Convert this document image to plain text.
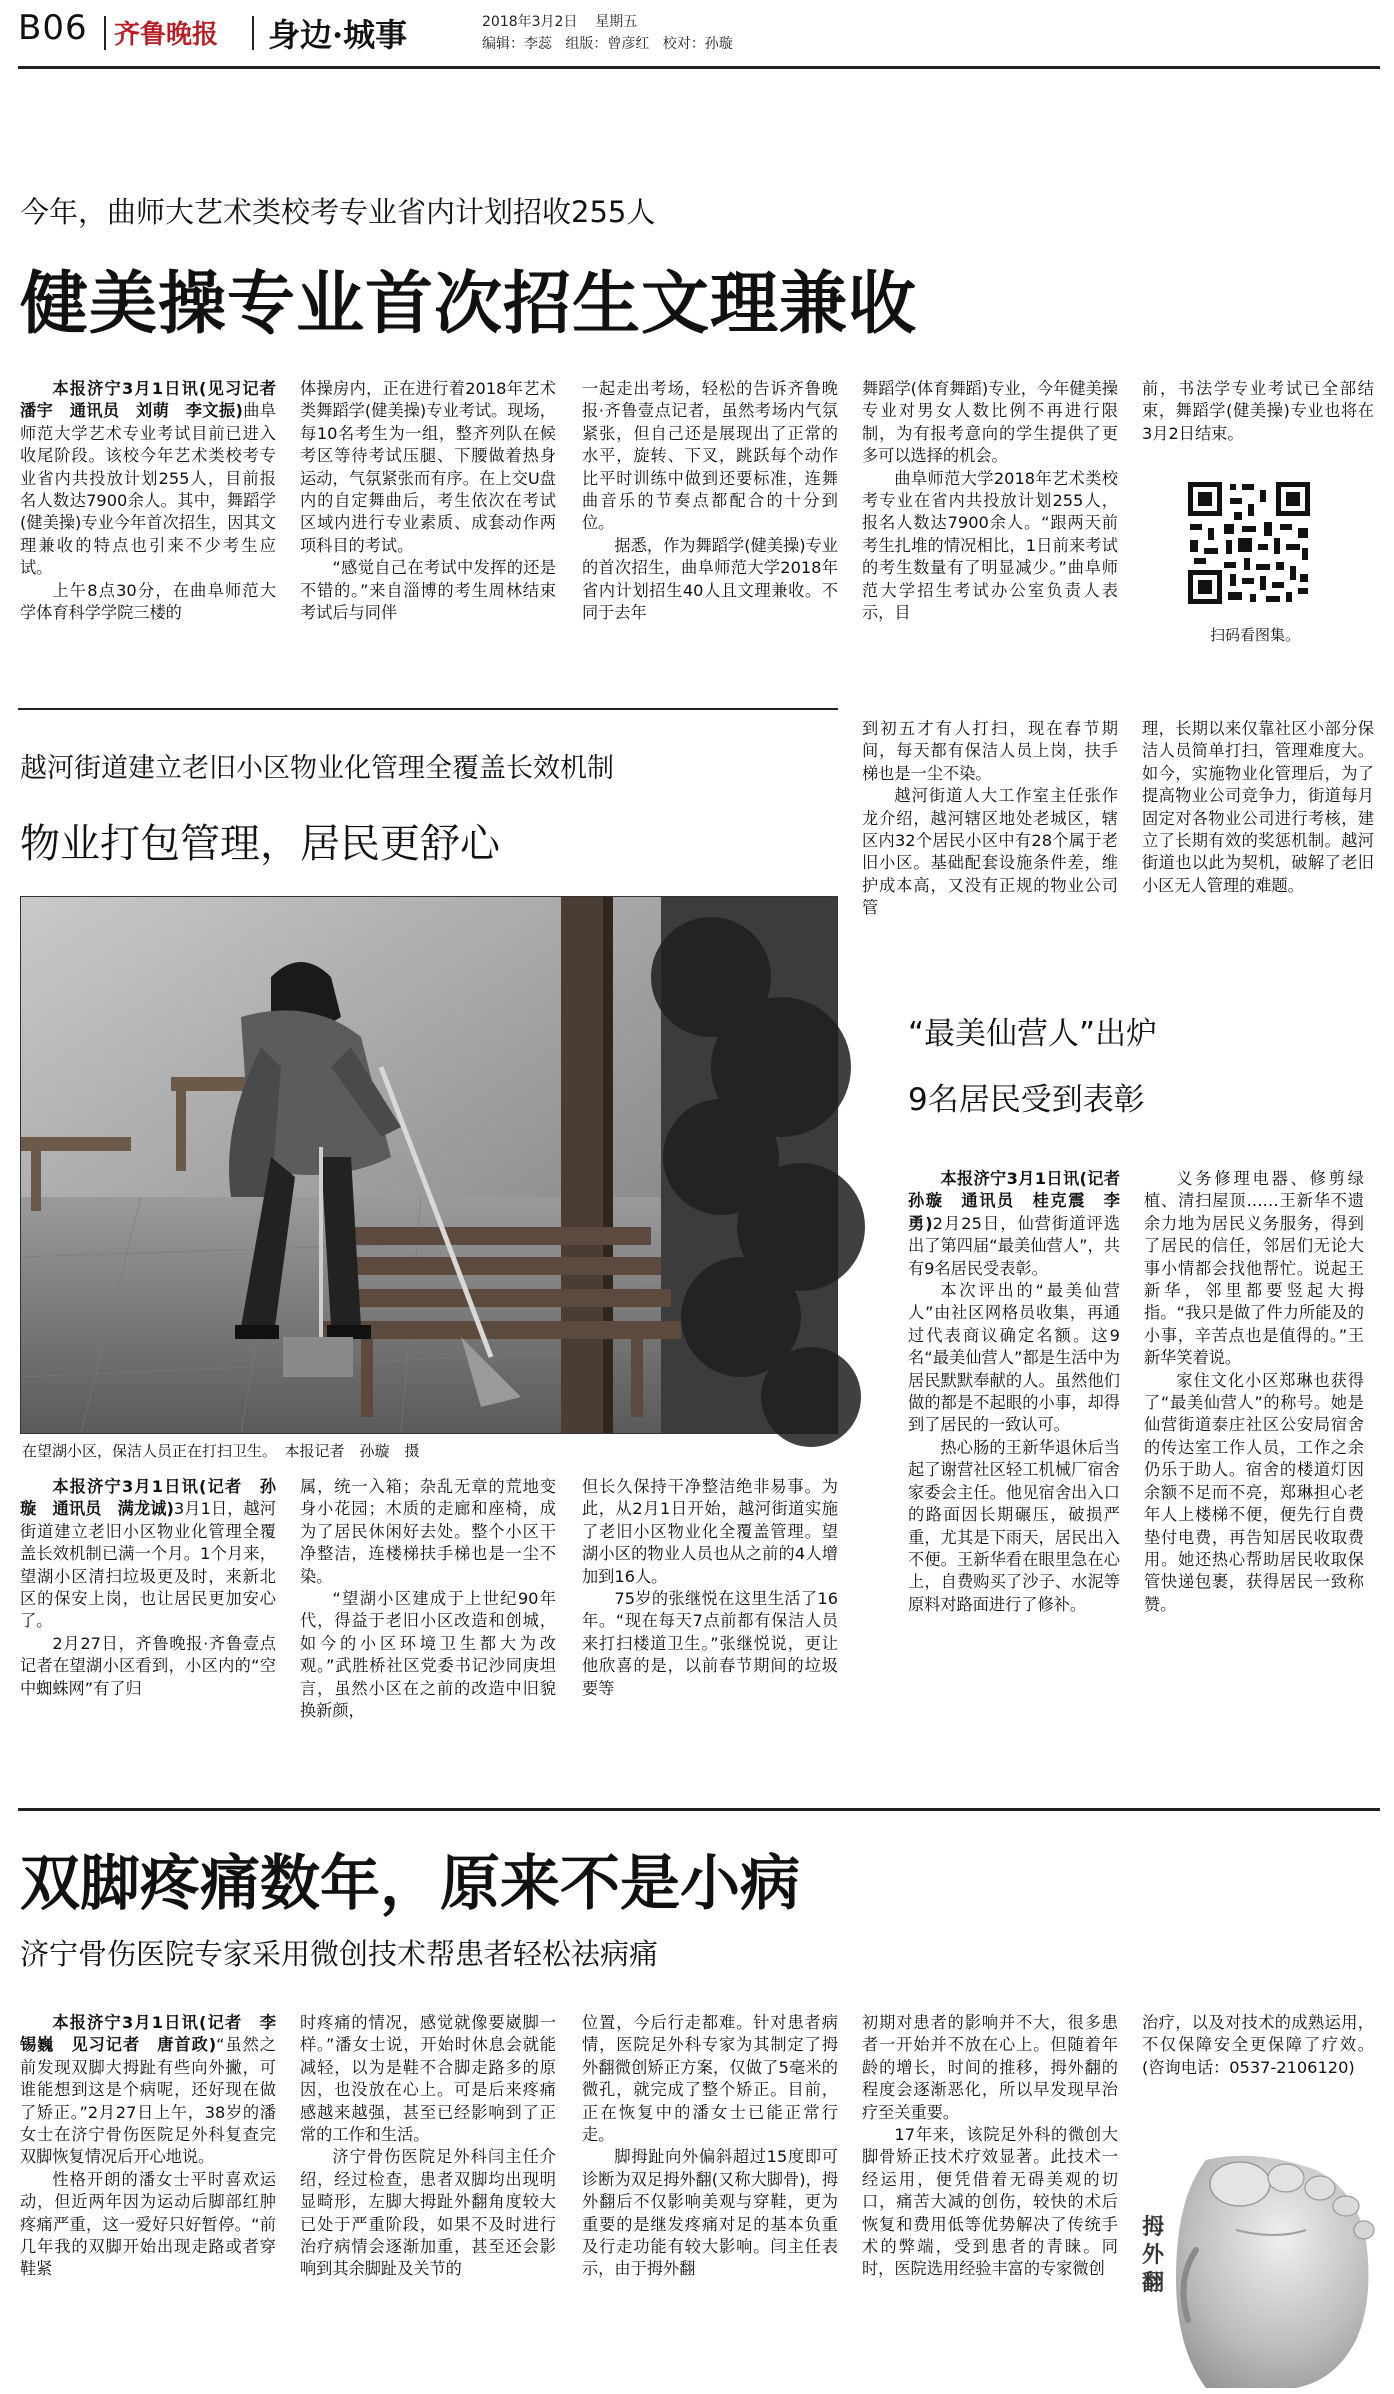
B06 齐鲁晚报 身边·城事	2018年3月2日 星期五
编辑：李蕊 组版：曾彦红 校对：孙璇
今年，曲师大艺术类校考专业省内计划招收255人
健美操专业首次招生文理兼收

本报济宁3月1日讯(见习记者　潘宇　通讯员　刘萌　李文振)曲阜师范大学艺术专业考试目前已进入收尾阶段。该校今年艺术类校考专业省内共投放计划255人，目前报名人数达7900余人。其中，舞蹈学(健美操)专业今年首次招生，因其文理兼收的特点也引来不少考生应试。

上午8点30分，在曲阜师范大学体育科学学院三楼的

体操房内，正在进行着2018年艺术类舞蹈学(健美操)专业考试。现场，每10名考生为一组，整齐列队在候考区等待考试压腿、下腰做着热身运动，气氛紧张而有序。在上交U盘内的自定舞曲后，考生依次在考试区域内进行专业素质、成套动作两项科目的考试。

“感觉自己在考试中发挥的还是不错的。”来自淄博的考生周林结束考试后与同伴

一起走出考场，轻松的告诉齐鲁晚报·齐鲁壹点记者，虽然考场内气氛紧张，但自己还是展现出了正常的水平，旋转、下叉，跳跃每个动作比平时训练中做到还要标准，连舞曲音乐的节奏点都配合的十分到位。

据悉，作为舞蹈学(健美操)专业的首次招生，曲阜师范大学2018年省内计划招生40人且文理兼收。不同于去年

舞蹈学(体育舞蹈)专业，今年健美操专业对男女人数比例不再进行限制，为有报考意向的学生提供了更多可以选择的机会。

曲阜师范大学2018年艺术类校考专业在省内共投放计划255人，报名人数达7900余人。“跟两天前考生扎堆的情况相比，1日前来考试的考生数量有了明显减少。”曲阜师范大学招生考试办公室负责人表示，目

前，书法学专业考试已全部结束，舞蹈学(健美操)专业也将在3月2日结束。

扫码看图集。
越河街道建立老旧小区物业化管理全覆盖长效机制
物业打包管理，居民更舒心
在望湖小区，保洁人员正在打扫卫生。　本报记者　孙璇　摄

到初五才有人打扫，现在春节期间，每天都有保洁人员上岗，扶手梯也是一尘不染。

越河街道人大工作室主任张作龙介绍，越河辖区地处老城区，辖区内32个居民小区中有28个属于老旧小区。基础配套设施条件差，维护成本高，又没有正规的物业公司管

理，长期以来仅靠社区小部分保洁人员简单打扫，管理难度大。如今，实施物业化管理后，为了提高物业公司竞争力，街道每月固定对各物业公司进行考核，建立了长期有效的奖惩机制。越河街道也以此为契机，破解了老旧小区无人管理的难题。

本报济宁3月1日讯(记者　孙璇　通讯员　满龙诚)3月1日，越河街道建立老旧小区物业化管理全覆盖长效机制已满一个月。1个月来，望湖小区清扫垃圾更及时，来新北区的保安上岗，也让居民更加安心了。

2月27日，齐鲁晚报·齐鲁壹点记者在望湖小区看到，小区内的“空中蜘蛛网”有了归

属，统一入箱；杂乱无章的荒地变身小花园；木质的走廊和座椅，成为了居民休闲好去处。整个小区干净整洁，连楼梯扶手梯也是一尘不染。

“望湖小区建成于上世纪90年代，得益于老旧小区改造和创城，如今的小区环境卫生都大为改观。”武胜桥社区党委书记沙同庚坦言，虽然小区在之前的改造中旧貌换新颜，

但长久保持干净整洁绝非易事。为此，从2月1日开始，越河街道实施了老旧小区物业化全覆盖管理。望湖小区的物业人员也从之前的4人增加到16人。

75岁的张继悦在这里生活了16年。“现在每天7点前都有保洁人员来打扫楼道卫生。”张继悦说，更让他欣喜的是，以前春节期间的垃圾要等

“最美仙营人”出炉
9名居民受到表彰

本报济宁3月1日讯(记者　孙璇　通讯员　桂克震　李勇)2月25日，仙营街道评选出了第四届“最美仙营人”，共有9名居民受表彰。

本次评出的“最美仙营人”由社区网格员收集，再通过代表商议确定名额。这9名“最美仙营人”都是生活中为居民默默奉献的人。虽然他们做的都是不起眼的小事，却得到了居民的一致认可。

热心肠的王新华退休后当起了谢营社区轻工机械厂宿舍家委会主任。他见宿舍出入口的路面因长期碾压，破损严重，尤其是下雨天，居民出入不便。王新华看在眼里急在心上，自费购买了沙子、水泥等原料对路面进行了修补。

义务修理电器、修剪绿植、清扫屋顶……王新华不遗余力地为居民义务服务，得到了居民的信任，邻居们无论大事小情都会找他帮忙。说起王新华，邻里都要竖起大拇指。“我只是做了件力所能及的小事，辛苦点也是值得的。”王新华笑着说。

家住文化小区郑琳也获得了“最美仙营人”的称号。她是仙营街道泰庄社区公安局宿舍的传达室工作人员，工作之余仍乐于助人。宿舍的楼道灯因余额不足而不亮，郑琳担心老年人上楼梯不便，便先行自费垫付电费，再告知居民收取费用。她还热心帮助居民收取保管快递包裹，获得居民一致称赞。

双脚疼痛数年，原来不是小病
济宁骨伤医院专家采用微创技术帮患者轻松祛病痛

本报济宁3月1日讯(记者　李锡巍　见习记者　唐首政)“虽然之前发现双脚大拇趾有些向外撇，可谁能想到这是个病呢，还好现在做了矫正。”2月27日上午，38岁的潘女士在济宁骨伤医院足外科复查完双脚恢复情况后开心地说。

性格开朗的潘女士平时喜欢运动，但近两年因为运动后脚部红肿疼痛严重，这一爱好只好暂停。“前几年我的双脚开始出现走路或者穿鞋紧

时疼痛的情况，感觉就像要崴脚一样。”潘女士说，开始时休息会就能减轻，以为是鞋不合脚走路多的原因，也没放在心上。可是后来疼痛感越来越强，甚至已经影响到了正常的工作和生活。

济宁骨伤医院足外科闫主任介绍，经过检查，患者双脚均出现明显畸形，左脚大拇趾外翻角度较大已处于严重阶段，如果不及时进行治疗病情会逐渐加重，甚至还会影响到其余脚趾及关节的

位置，今后行走都难。针对患者病情，医院足外科专家为其制定了拇外翻微创矫正方案，仅做了5毫米的微孔，就完成了整个矫正。目前，正在恢复中的潘女士已能正常行走。

脚拇趾向外偏斜超过15度即可诊断为双足拇外翻(又称大脚骨)，拇外翻后不仅影响美观与穿鞋，更为重要的是继发疼痛对足的基本负重及行走功能有较大影响。闫主任表示，由于拇外翻

初期对患者的影响并不大，很多患者一开始并不放在心上。但随着年龄的增长，时间的推移，拇外翻的程度会逐渐恶化，所以早发现早治疗至关重要。

17年来，该院足外科的微创大脚骨矫正技术疗效显著。此技术一经运用，便凭借着无碍美观的切口，痛苦大减的创伤，较快的术后恢复和费用低等优势解决了传统手术的弊端，受到患者的青睐。同时，医院选用经验丰富的专家微创

治疗，以及对技术的成熟运用，不仅保障安全更保障了疗效。(咨询电话：0537-2106120)

拇外翻
